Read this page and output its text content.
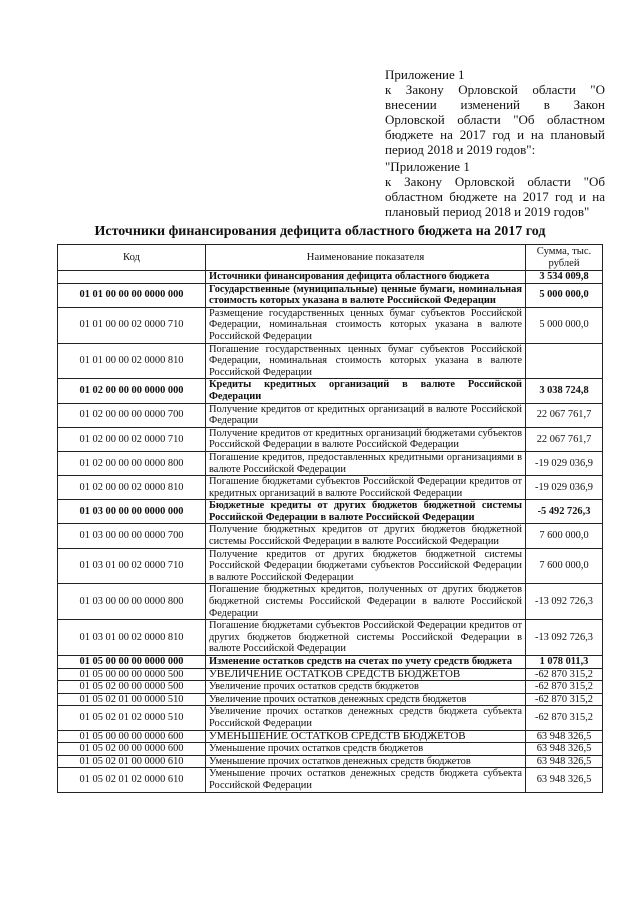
Приложение 1

к Закону Орловской области "О внесении изменений в Закон Орловской области "Об областном бюджете на 2017 год и на плановый период 2018 и 2019 годов":

"Приложение 1

к Закону Орловской области "Об областном бюджете на 2017 год и на плановый период 2018 и 2019 годов"

Источники финансирования дефицита областного бюджета на 2017 год
Код	Наименование показателя	Сумма, тыс. рублей
	Источники финансирования дефицита областного бюджета	3 534 009,8
01 01 00 00 00 0000 000	Государственные (муниципальные) ценные бумаги, номинальная стоимость которых указана в валюте Российской Федерации	5 000 000,0
01 01 00 00 02 0000 710	Размещение государственных ценных бумаг субъектов Российской Федерации, номинальная стоимость которых указана в валюте Российской Федерации	5 000 000,0
01 01 00 00 02 0000 810	Погашение государственных ценных бумаг субъектов Российской Федерации, номинальная стоимость которых указана в валюте Российской Федерации	
01 02 00 00 00 0000 000	Кредиты кредитных организаций в валюте Российской Федерации	3 038 724,8
01 02 00 00 00 0000 700	Получение кредитов от кредитных организаций в валюте Российской Федерации	22 067 761,7
01 02 00 00 02 0000 710	Получение кредитов от кредитных организаций бюджетами субъектов Российской Федерации в валюте Российской Федерации	22 067 761,7
01 02 00 00 00 0000 800	Погашение кредитов, предоставленных кредитными организациями в валюте Российской Федерации	-19 029 036,9
01 02 00 00 02 0000 810	Погашение бюджетами субъектов Российской Федерации кредитов от кредитных организаций в валюте Российской Федерации	-19 029 036,9
01 03 00 00 00 0000 000	Бюджетные кредиты от других бюджетов бюджетной системы Российской Федерации в валюте Российской Федерации	-5 492 726,3
01 03 00 00 00 0000 700	Получение бюджетных кредитов от других бюджетов бюджетной системы Российской Федерации в валюте Российской Федерации	7 600 000,0
01 03 01 00 02 0000 710	Получение кредитов от других бюджетов бюджетной системы Российской Федерации бюджетами субъектов Российской Федерации в валюте Российской Федерации	7 600 000,0
01 03 00 00 00 0000 800	Погашение бюджетных кредитов, полученных от других бюджетов бюджетной системы Российской Федерации в валюте Российской Федерации	-13 092 726,3
01 03 01 00 02 0000 810	Погашение бюджетами субъектов Российской Федерации кредитов от других бюджетов бюджетной системы Российской Федерации в валюте Российской Федерации	-13 092 726,3
01 05 00 00 00 0000 000	Изменение остатков средств на счетах по учету средств бюджета	1 078 011,3
01 05 00 00 00 0000 500	УВЕЛИЧЕНИЕ ОСТАТКОВ СРЕДСТВ БЮДЖЕТОВ	-62 870 315,2
01 05 02 00 00 0000 500	Увеличение прочих остатков средств бюджетов	-62 870 315,2
01 05 02 01 00 0000 510	Увеличение прочих остатков денежных средств бюджетов	-62 870 315,2
01 05 02 01 02 0000 510	Увеличение прочих остатков денежных средств бюджета субъекта Российской Федерации	-62 870 315,2
01 05 00 00 00 0000 600	УМЕНЬШЕНИЕ ОСТАТКОВ СРЕДСТВ БЮДЖЕТОВ	63 948 326,5
01 05 02 00 00 0000 600	Уменьшение прочих остатков средств бюджетов	63 948 326,5
01 05 02 01 00 0000 610	Уменьшение прочих остатков денежных средств бюджетов	63 948 326,5
01 05 02 01 02 0000 610	Уменьшение прочих остатков денежных средств бюджета субъекта Российской Федерации	63 948 326,5
